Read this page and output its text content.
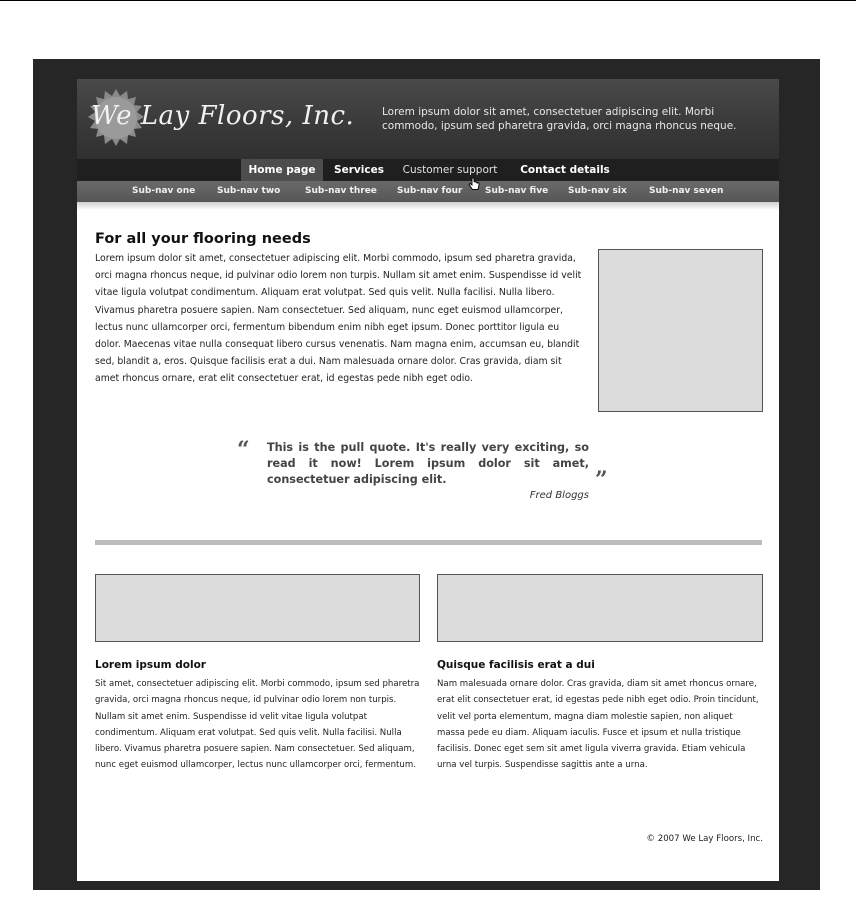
We Lay Floors, Inc.	Lorem ipsum dolor sit amet, consectetuer adipiscing elit. Morbi commodo, ipsum sed pharetra gravida, orci magna rhoncus neque.
Home page	Services	Customer support	Contact details
Sub-nav one Sub-nav two	Sub-nav three Sub-nav four	Sub-nav five Sub-nav six Sub-nav seven
For all your flooring needs

Lorem ipsum dolor sit amet, consectetuer adipiscing elit. Morbi commodo, ipsum sed pharetra gravida, orci magna rhoncus neque, id pulvinar odio lorem non turpis. Nullam sit amet enim. Suspendisse id velit vitae ligula volutpat condimentum. Aliquam erat volutpat. Sed quis velit. Nulla facilisi. Nulla libero. Vivamus pharetra posuere sapien. Nam consectetuer. Sed aliquam, nunc eget euismod ullamcorper, lectus nunc ullamcorper orci, fermentum bibendum enim nibh eget ipsum. Donec porttitor ligula eu dolor. Maecenas vitae nulla consequat libero cursus venenatis. Nam magna enim, accumsan eu, blandit sed, blandit a, eros. Quisque facilisis erat a dui. Nam malesuada ornare dolor. Cras gravida, diam sit amet rhoncus ornare, erat elit consectetuer erat, id egestas pede nibh eget odio.

“ This is the pull quote. It's really very exciting, so read it now! Lorem ipsum dolor sit amet, consectetuer adipiscing elit.
Fred Bloggs
”
Lorem ipsum dolor

Sit amet, consectetuer adipiscing elit. Morbi commodo, ipsum sed pharetra gravida, orci magna rhoncus neque, id pulvinar odio lorem non turpis. Nullam sit amet enim. Suspendisse id velit vitae ligula volutpat condimentum. Aliquam erat volutpat. Sed quis velit. Nulla facilisi. Nulla libero. Vivamus pharetra posuere sapien. Nam consectetuer. Sed aliquam, nunc eget euismod ullamcorper, lectus nunc ullamcorper orci, fermentum.

Quisque facilisis erat a dui

Nam malesuada ornare dolor. Cras gravida, diam sit amet rhoncus ornare, erat elit consectetuer erat, id egestas pede nibh eget odio. Proin tincidunt, velit vel porta elementum, magna diam molestie sapien, non aliquet massa pede eu diam. Aliquam iaculis. Fusce et ipsum et nulla tristique facilisis. Donec eget sem sit amet ligula viverra gravida. Etiam vehicula urna vel turpis. Suspendisse sagittis ante a urna.

© 2007 We Lay Floors, Inc.
